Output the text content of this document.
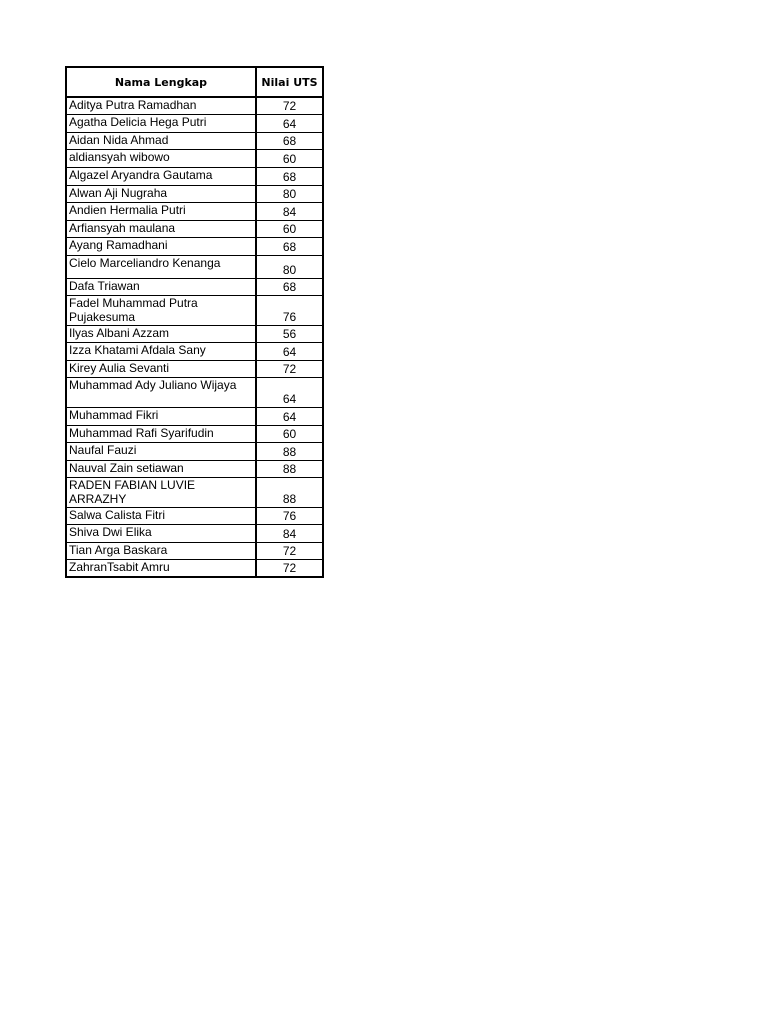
Nama Lengkap	Nilai UTS
Aditya Putra Ramadhan	72
Agatha Delicia Hega Putri	64
Aidan Nida Ahmad	68
aldiansyah wibowo	60
Algazel Aryandra Gautama	68
Alwan Aji Nugraha	80
Andien Hermalia Putri	84
Arfiansyah maulana	60
Ayang Ramadhani	68
Cielo Marceliandro Kenanga	80
Dafa Triawan	68
Fadel Muhammad Putra Pujakesuma	76
Ilyas Albani Azzam	56
Izza Khatami Afdala Sany	64
Kirey Aulia Sevanti	72
Muhammad Ady Juliano Wijaya	64
Muhammad Fikri	64
Muhammad Rafi Syarifudin	60
Naufal Fauzi	88
Nauval Zain setiawan	88
RADEN FABIAN LUVIE ARRAZHY	88
Salwa Calista Fitri	76
Shiva Dwi Elika	84
Tian Arga Baskara	72
ZahranTsabit Amru	72
